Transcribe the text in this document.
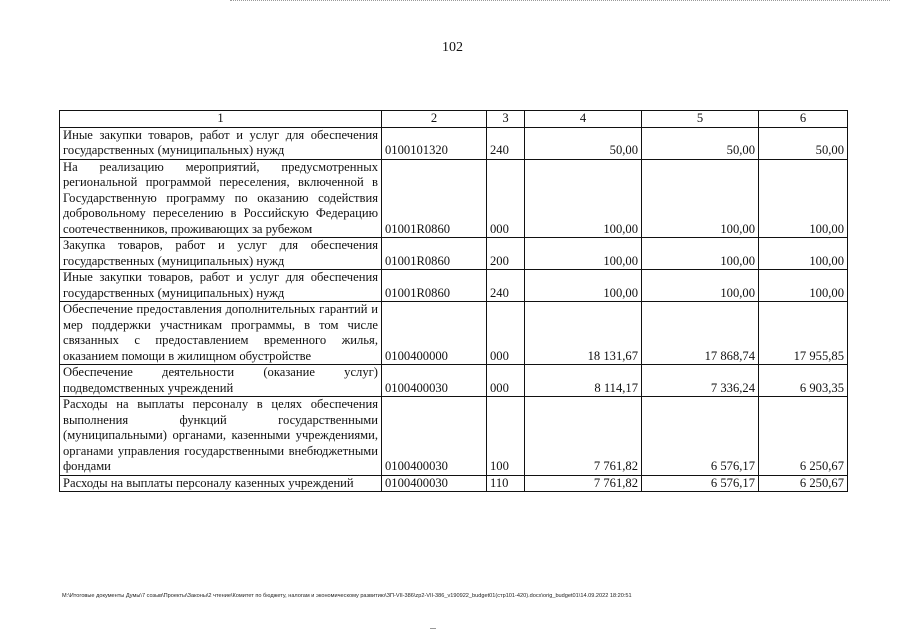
102
1	2	3	4	5	6
Иные закупки товаров, работ и услуг для обеспечения государственных (муниципальных) нужд	0100101320	240	50,00	50,00	50,00
На реализацию мероприятий, предусмотренных региональной программой переселения, включенной в Государственную программу по оказанию содействия добровольному переселению в Российскую Федерацию соотечественников, проживающих за рубежом	01001R0860	000	100,00	100,00	100,00
Закупка товаров, работ и услуг для обеспечения государственных (муниципальных) нужд	01001R0860	200	100,00	100,00	100,00
Иные закупки товаров, работ и услуг для обеспечения государственных (муниципальных) нужд	01001R0860	240	100,00	100,00	100,00
Обеспечение предоставления дополнительных гарантий и мер поддержки участникам программы, в том числе связанных с предоставлением временного жилья, оказанием помощи в жилищном обустройстве	0100400000	000	18 131,67	17 868,74	17 955,85
Обеспечение деятельности (оказание услуг) подведомственных учреждений	0100400030	000	8 114,17	7 336,24	6 903,35
Расходы на выплаты персоналу в целях обеспечения выполнения функций государственными (муниципальными) органами, казенными учреждениями, органами управления государственными внебюджетными фондами	0100400030	100	7 761,82	6 576,17	6 250,67
Расходы на выплаты персоналу казенных учреждений	0100400030	110	7 761,82	6 576,17	6 250,67
M:\Итоговые документы Думы\7 созыв\Проекты\Законы\2 чтение\Комитет по бюджету, налогам и экономическому развитию\ЗП-VII-386\zp2-VII-386_v190922_budget01(стр101-420).docx\orig_budget01\14.09.2022 18:20:51
